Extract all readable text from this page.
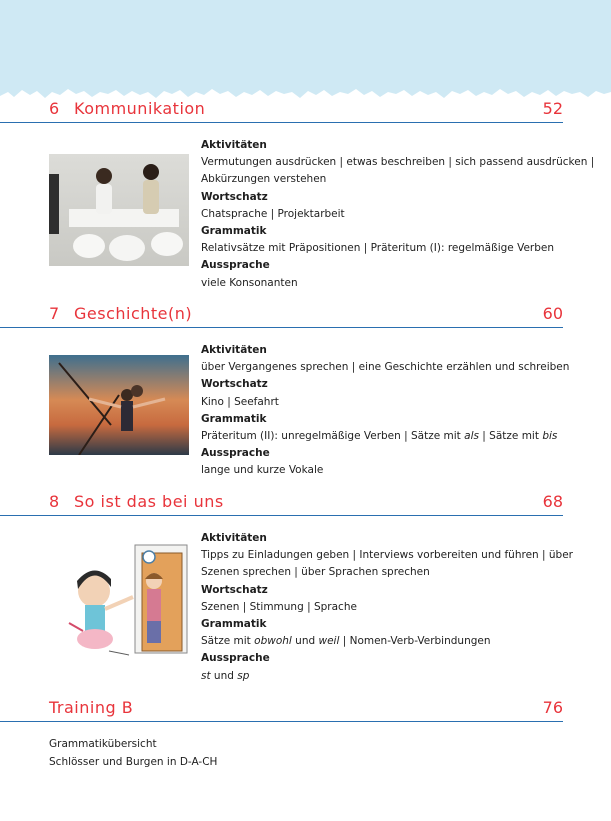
6 Kommunikation	52
Aktivitäten
Vermutungen ausdrücken | etwas beschreiben | sich passend ausdrücken |
Abkürzungen verstehen
Wortschatz
Chatsprache | Projektarbeit
Grammatik
Relativsätze mit Präpositionen | Präteritum (I): regelmäßige Verben
Aussprache
viele Konsonanten
7 Geschichte(n)	60
Aktivitäten
über Vergangenes sprechen | eine Geschichte erzählen und schreiben
Wortschatz
Kino | Seefahrt
Grammatik
Präteritum (II): unregelmäßige Verben | Sätze mit als | Sätze mit bis
Aussprache
lange und kurze Vokale
8 So ist das bei uns	68
Aktivitäten
Tipps zu Einladungen geben | Interviews vorbereiten und führen | über
Szenen sprechen | über Sprachen sprechen
Wortschatz
Szenen | Stimmung | Sprache
Grammatik
Sätze mit obwohl und weil | Nomen-Verb-Verbindungen
Aussprache
st und sp
Training B	76
Grammatikübersicht
Schlösser und Burgen in D-A-CH
